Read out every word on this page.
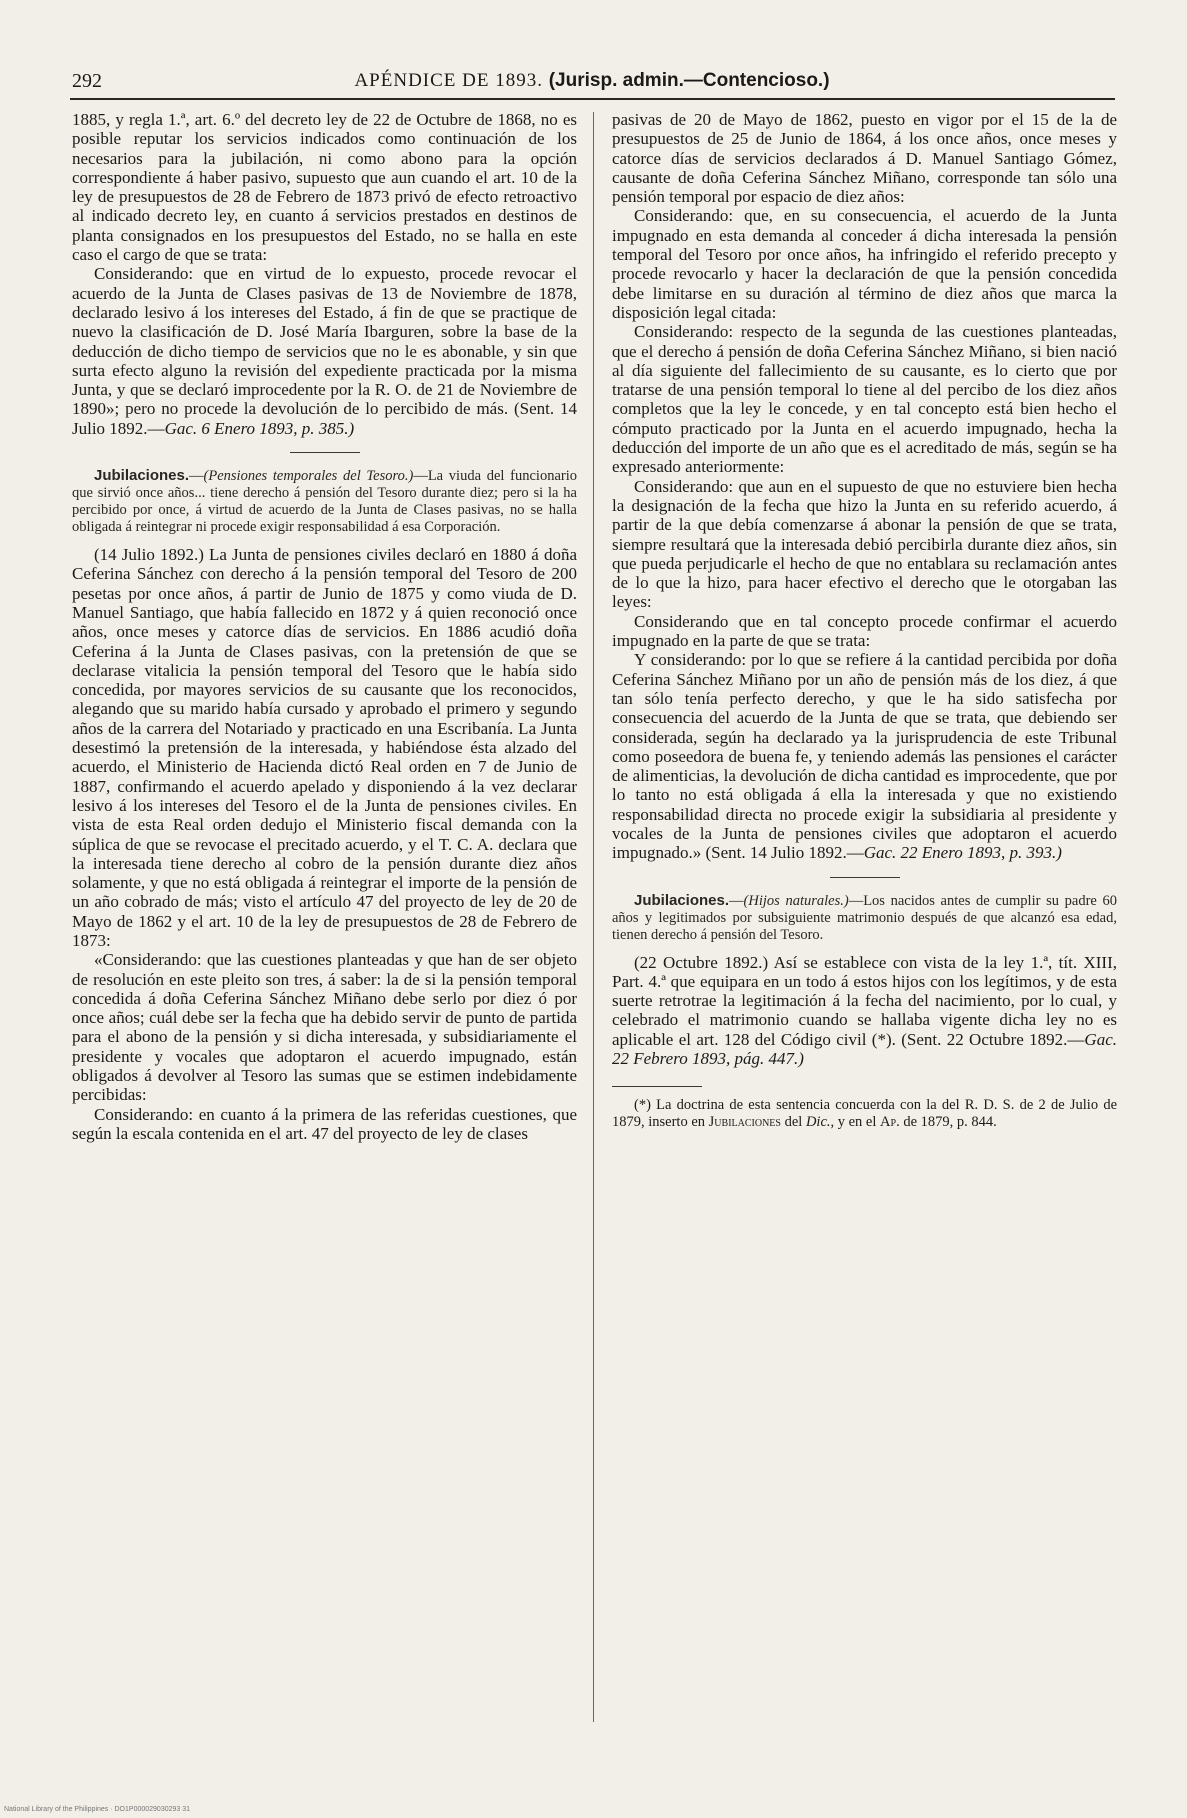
292	APÉNDICE DE 1893. (Jurisp. admin.—Contencioso.)

1885, y regla 1.ª, art. 6.º del decreto ley de 22 de Octubre de 1868, no es posible reputar los servicios indicados como continuación de los necesarios para la jubilación, ni como abono para la opción correspondiente á haber pasivo, supuesto que aun cuando el art. 10 de la ley de presupuestos de 28 de Febrero de 1873 privó de efecto retroactivo al indicado decreto ley, en cuanto á servicios prestados en destinos de planta consignados en los presupuestos del Estado, no se halla en este caso el cargo de que se trata:

Considerando: que en virtud de lo expuesto, procede revocar el acuerdo de la Junta de Clases pasivas de 13 de Noviembre de 1878, declarado lesivo á los intereses del Estado, á fin de que se practique de nuevo la clasificación de D. José María Ibarguren, sobre la base de la deducción de dicho tiempo de servicios que no le es abonable, y sin que surta efecto alguno la revisión del expediente practicada por la misma Junta, y que se declaró improcedente por la R. O. de 21 de Noviembre de 1890»; pero no procede la devolución de lo percibido de más. (Sent. 14 Julio 1892.—Gac. 6 Enero 1893, p. 385.)

Jubilaciones.—(Pensiones temporales del Tesoro.)—La viuda del funcionario que sirvió once años... tiene derecho á pensión del Tesoro durante diez; pero si la ha percibido por once, á virtud de acuerdo de la Junta de Clases pasivas, no se halla obligada á reintegrar ni procede exigir responsabilidad á esa Corporación.

(14 Julio 1892.) La Junta de pensiones civiles declaró en 1880 á doña Ceferina Sánchez con derecho á la pensión temporal del Tesoro de 200 pesetas por once años, á partir de Junio de 1875 y como viuda de D. Manuel Santiago, que había fallecido en 1872 y á quien reconoció once años, once meses y catorce días de servicios. En 1886 acudió doña Ceferina á la Junta de Clases pasivas, con la pretensión de que se declarase vitalicia la pensión temporal del Tesoro que le había sido concedida, por mayores servicios de su causante que los reconocidos, alegando que su marido había cursado y aprobado el primero y segundo años de la carrera del Notariado y practicado en una Escribanía. La Junta desestimó la pretensión de la interesada, y habiéndose ésta alzado del acuerdo, el Ministerio de Hacienda dictó Real orden en 7 de Junio de 1887, confirmando el acuerdo apelado y disponiendo á la vez declarar lesivo á los intereses del Tesoro el de la Junta de pensiones civiles. En vista de esta Real orden dedujo el Ministerio fiscal demanda con la súplica de que se revocase el precitado acuerdo, y el T. C. A. declara que la interesada tiene derecho al cobro de la pensión durante diez años solamente, y que no está obligada á reintegrar el importe de la pensión de un año cobrado de más; visto el artículo 47 del proyecto de ley de 20 de Mayo de 1862 y el art. 10 de la ley de presupuestos de 28 de Febrero de 1873:

«Considerando: que las cuestiones planteadas y que han de ser objeto de resolución en este pleito son tres, á saber: la de si la pensión temporal concedida á doña Ceferina Sánchez Miñano debe serlo por diez ó por once años; cuál debe ser la fecha que ha debido servir de punto de partida para el abono de la pensión y si dicha interesada, y subsidiariamente el presidente y vocales que adoptaron el acuerdo impugnado, están obligados á devolver al Tesoro las sumas que se estimen indebidamente percibidas:

Considerando: en cuanto á la primera de las referidas cuestiones, que según la escala contenida en el art. 47 del proyecto de ley de clases

pasivas de 20 de Mayo de 1862, puesto en vigor por el 15 de la de presupuestos de 25 de Junio de 1864, á los once años, once meses y catorce días de servicios declarados á D. Manuel Santiago Gómez, causante de doña Ceferina Sánchez Miñano, corresponde tan sólo una pensión temporal por espacio de diez años:

Considerando: que, en su consecuencia, el acuerdo de la Junta impugnado en esta demanda al conceder á dicha interesada la pensión temporal del Tesoro por once años, ha infringido el referido precepto y procede revocarlo y hacer la declaración de que la pensión concedida debe limitarse en su duración al término de diez años que marca la disposición legal citada:

Considerando: respecto de la segunda de las cuestiones planteadas, que el derecho á pensión de doña Ceferina Sánchez Miñano, si bien nació al día siguiente del fallecimiento de su causante, es lo cierto que por tratarse de una pensión temporal lo tiene al del percibo de los diez años completos que la ley le concede, y en tal concepto está bien hecho el cómputo practicado por la Junta en el acuerdo impugnado, hecha la deducción del importe de un año que es el acreditado de más, según se ha expresado anteriormente:

Considerando: que aun en el supuesto de que no estuviere bien hecha la designación de la fecha que hizo la Junta en su referido acuerdo, á partir de la que debía comenzarse á abonar la pensión de que se trata, siempre resultará que la interesada debió percibirla durante diez años, sin que pueda perjudicarle el hecho de que no entablara su reclamación antes de lo que la hizo, para hacer efectivo el derecho que le otorgaban las leyes:

Considerando que en tal concepto procede confirmar el acuerdo impugnado en la parte de que se trata:

Y considerando: por lo que se refiere á la cantidad percibida por doña Ceferina Sánchez Miñano por un año de pensión más de los diez, á que tan sólo tenía perfecto derecho, y que le ha sido satisfecha por consecuencia del acuerdo de la Junta de que se trata, que debiendo ser considerada, según ha declarado ya la jurisprudencia de este Tribunal como poseedora de buena fe, y teniendo además las pensiones el carácter de alimenticias, la devolución de dicha cantidad es improcedente, que por lo tanto no está obligada á ella la interesada y que no existiendo responsabilidad directa no procede exigir la subsidiaria al presidente y vocales de la Junta de pensiones civiles que adoptaron el acuerdo impugnado.» (Sent. 14 Julio 1892.—Gac. 22 Enero 1893, p. 393.)

Jubilaciones.—(Hijos naturales.)—Los nacidos antes de cumplir su padre 60 años y legitimados por subsiguiente matrimonio después de que alcanzó esa edad, tienen derecho á pensión del Tesoro.

(22 Octubre 1892.) Así se establece con vista de la ley 1.ª, tít. XIII, Part. 4.ª que equipara en un todo á estos hijos con los legítimos, y de esta suerte retrotrae la legitimación á la fecha del nacimiento, por lo cual, y celebrado el matrimonio cuando se hallaba vigente dicha ley no es aplicable el art. 128 del Código civil (*). (Sent. 22 Octubre 1892.—Gac. 22 Febrero 1893, pág. 447.)

(*) La doctrina de esta sentencia concuerda con la del R. D. S. de 2 de Julio de 1879, inserto en Jubilaciones del Dic., y en el Ap. de 1879, p. 844.

National Library of the Philippines · DO1P000029030293 31
